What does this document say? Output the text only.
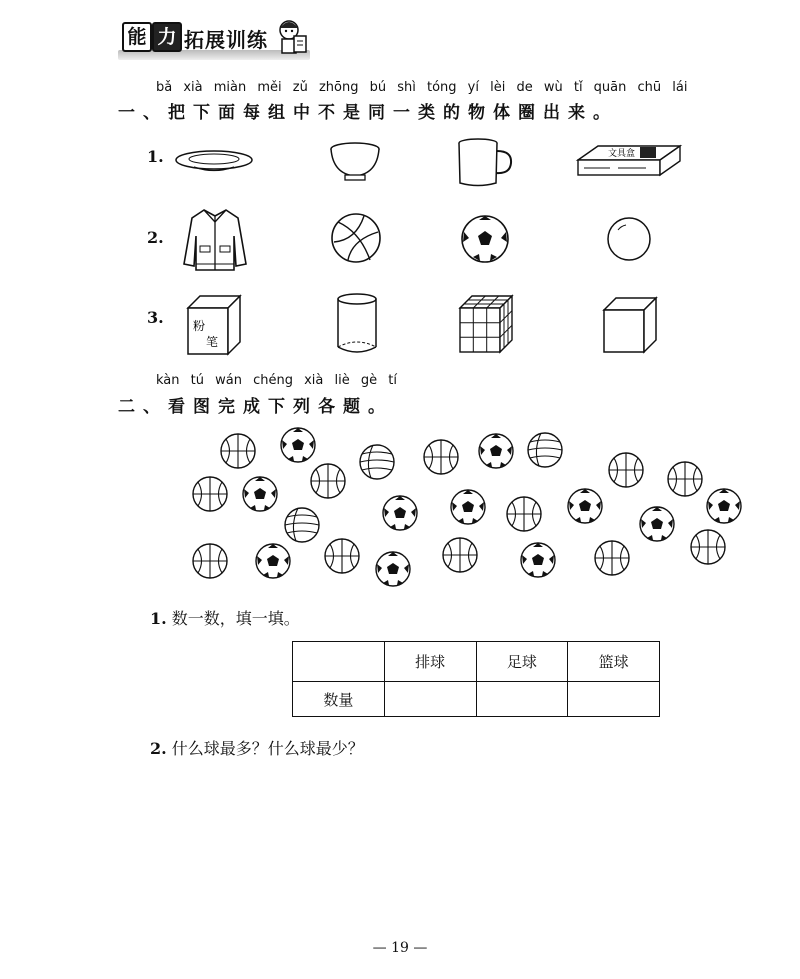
能 力 拓展训练
bǎ xià miàn měi zǔ zhōng bú shì tóng yí lèi de wù tǐ quān chū lái
一、把下面每组中不是同一类的物体圈出来。
1.	文具盒
2.
3. 粉
笔
kàn tú wán chéng xià liè gè tí
二、看图完成下列各题。
1. 数一数，填一填。
	排球	足球	篮球
数量			
2. 什么球最多？什么球最少？
— 19 —
